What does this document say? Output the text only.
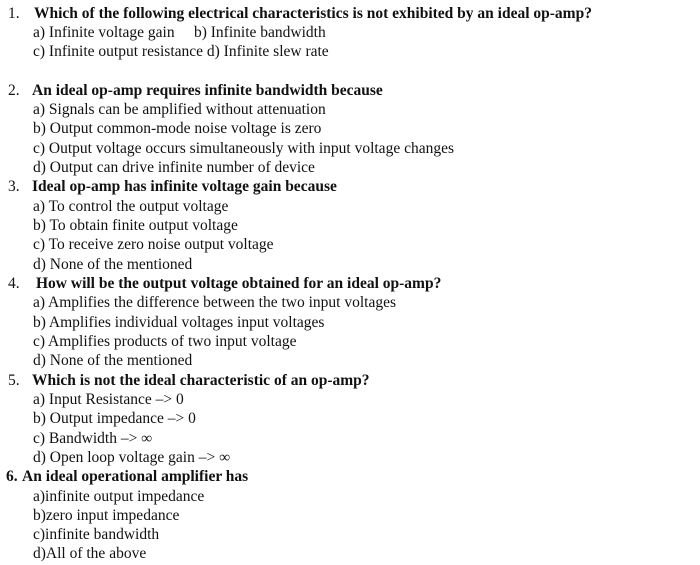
1. Which of the following electrical characteristics is not exhibited by an ideal op-amp?
a) Infinite voltage gain     b) Infinite bandwidth
c) Infinite output resistance d) Infinite slew rate
2. An ideal op-amp requires infinite bandwidth because
a) Signals can be amplified without attenuation
b) Output common-mode noise voltage is zero
c) Output voltage occurs simultaneously with input voltage changes
d) Output can drive infinite number of device
3. Ideal op-amp has infinite voltage gain because
a) To control the output voltage
b) To obtain finite output voltage
c) To receive zero noise output voltage
d) None of the mentioned
4. How will be the output voltage obtained for an ideal op-amp?
a) Amplifies the difference between the two input voltages
b) Amplifies individual voltages input voltages
c) Amplifies products of two input voltage
d) None of the mentioned
5. Which is not the ideal characteristic of an op-amp?
a) Input Resistance –> 0
b) Output impedance –> 0
c) Bandwidth –> ∞
d) Open loop voltage gain –> ∞
6. An ideal operational amplifier has
a)infinite output impedance
b)zero input impedance
c)infinite bandwidth
d)All of the above
